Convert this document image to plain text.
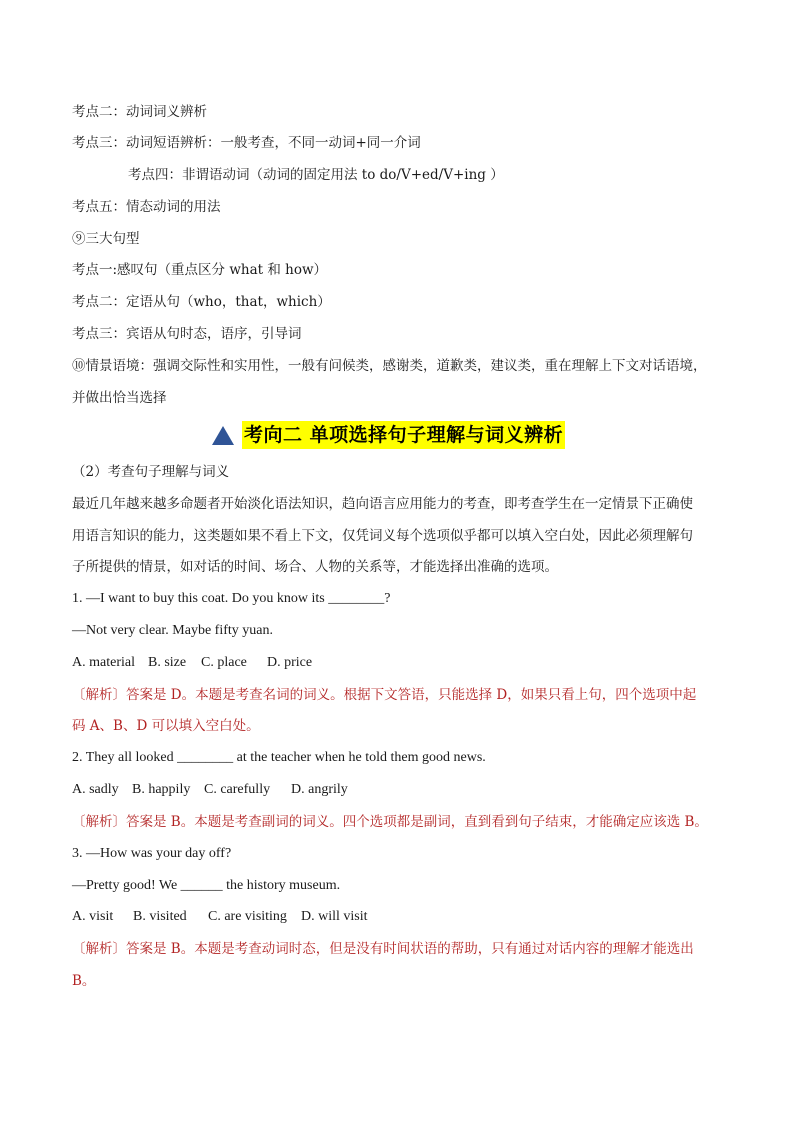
考点二：动词词义辨析
考点三：动词短语辨析：一般考查，不同一动词+同一介词
考点四：非谓语动词（动词的固定用法 to do/V+ed/V+ing ）
考点五：情态动词的用法
⑨三大句型
考点一:感叹句（重点区分 what 和 how）
考点二：定语从句（who，that，which）
考点三：宾语从句时态，语序，引导词
⑩情景语境：强调交际性和实用性，一般有问候类，感谢类，道歉类，建议类，重在理解上下文对话语境，
并做出恰当选择
考向二 单项选择句子理解与词义辨析
（2）考查句子理解与词义
最近几年越来越多命题者开始淡化语法知识，趋向语言应用能力的考查，即考查学生在一定情景下正确使
用语言知识的能力，这类题如果不看上下文，仅凭词义每个选项似乎都可以填入空白处，因此必须理解句
子所提供的情景，如对话的时间、场合、人物的关系等，才能选择出准确的选项。
1. —I want to buy this coat. Do you know its ________?
—Not very clear. Maybe fifty yuan.
A. material B. size C. place D. price
〔解析〕答案是 D。本题是考查名词的词义。根据下文答语，只能选择 D，如果只看上句，四个选项中起
码 A、B、D 可以填入空白处。
2. They all looked ________ at the teacher when he told them good news.
A. sadly B. happily C. carefully D. angrily
〔解析〕答案是 B。本题是考查副词的词义。四个选项都是副词，直到看到句子结束，才能确定应该选 B。
3. —How was your day off?
—Pretty good! We ______ the history museum.
A. visit B. visited C. are visiting D. will visit
〔解析〕答案是 B。本题是考查动词时态，但是没有时间状语的帮助，只有通过对话内容的理解才能选出
B。
